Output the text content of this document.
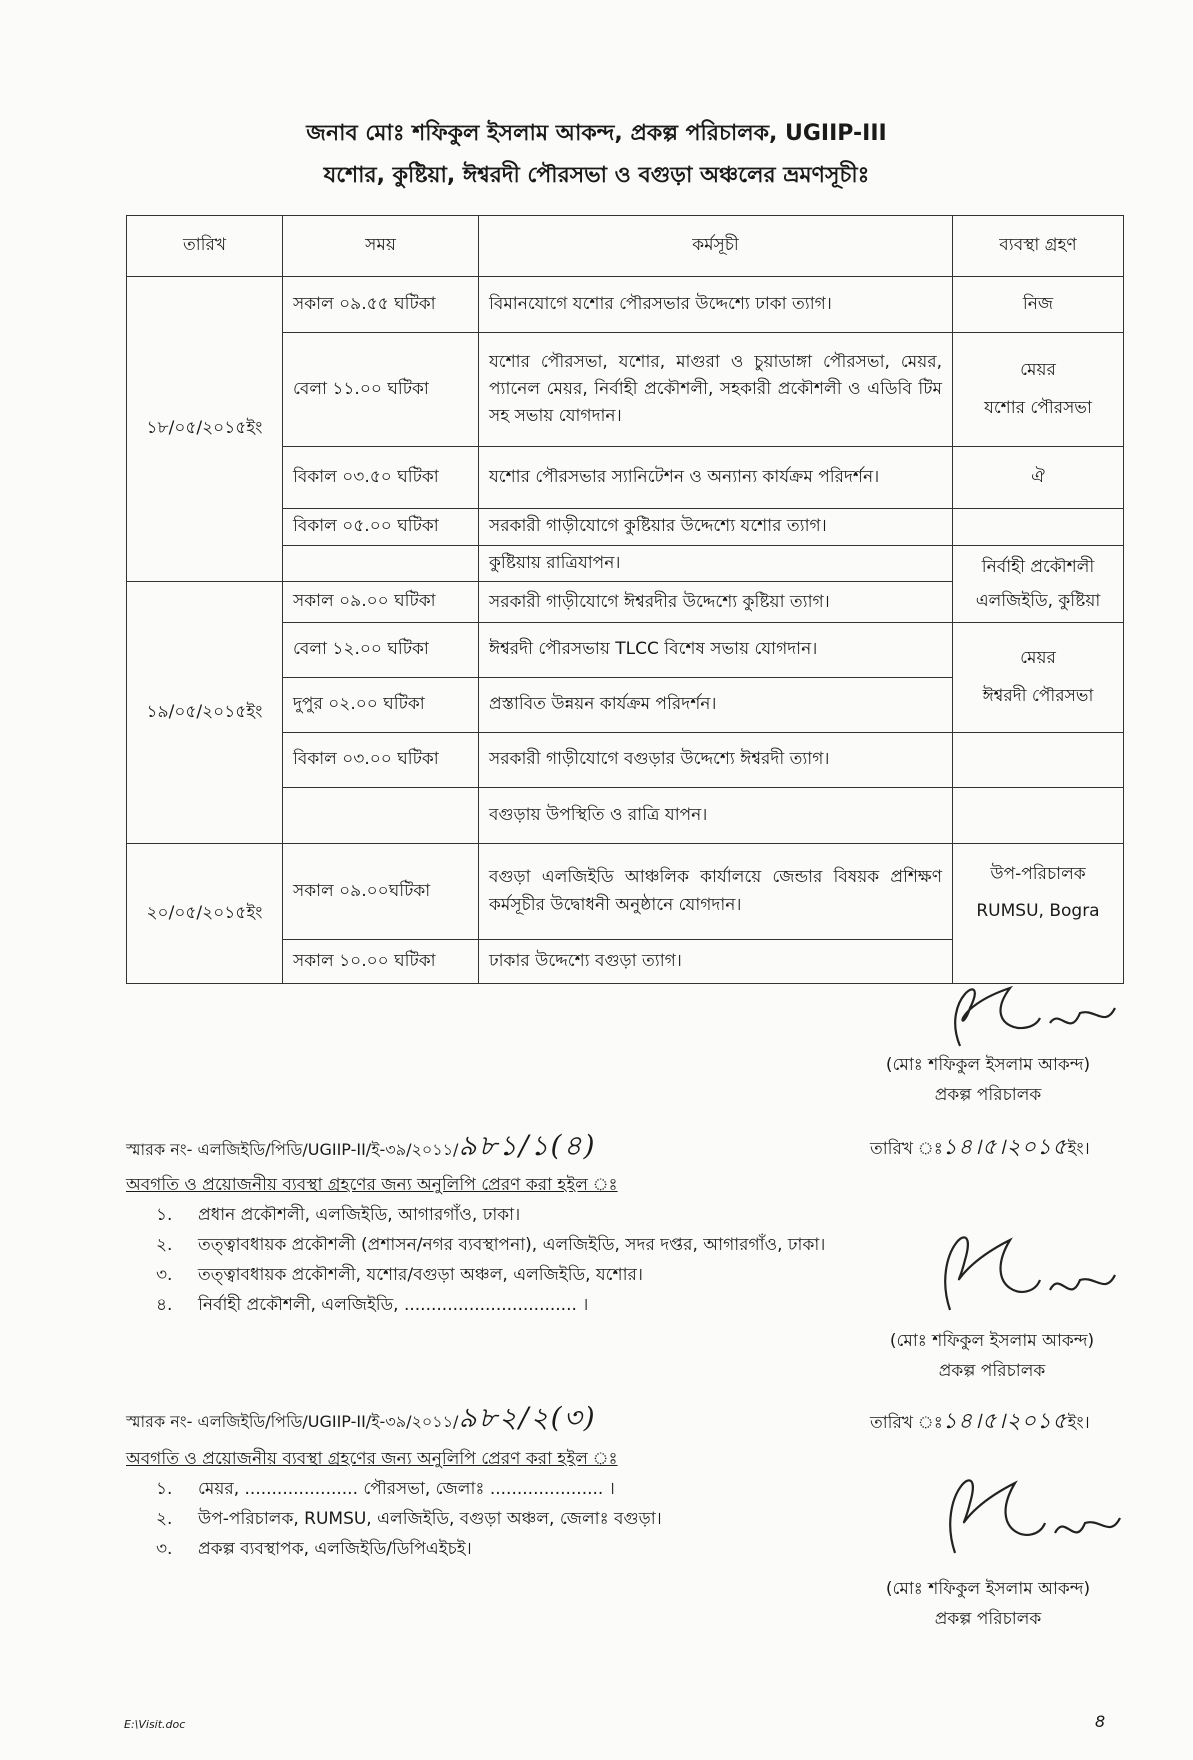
জনাব মোঃ শফিকুল ইসলাম আকন্দ, প্রকল্প পরিচালক, UGIIP-III
যশোর, কুষ্টিয়া, ঈশ্বরদী পৌরসভা ও বগুড়া অঞ্চলের ভ্রমণসূচীঃ
তারিখ	সময়	কর্মসূচী	ব্যবস্থা গ্রহণ
১৮/০৫/২০১৫ইং	সকাল ০৯.৫৫ ঘটিকা	বিমানযোগে যশোর পৌরসভার উদ্দেশ্যে ঢাকা ত্যাগ।	নিজ
	বেলা ১১.০০ ঘটিকা	যশোর পৌরসভা, যশোর, মাগুরা ও চুয়াডাঙ্গা পৌরসভা, মেয়র, প্যানেল মেয়র, নির্বাহী প্রকৌশলী, সহকারী প্রকৌশলী ও এডিবি টিম সহ সভায় যোগদান।	মেয়র
যশোর পৌরসভা
	বিকাল ০৩.৫০ ঘটিকা	যশোর পৌরসভার স্যানিটেশন ও অন্যান্য কার্যক্রম পরিদর্শন।	ঐ
	বিকাল ০৫.০০ ঘটিকা	সরকারী গাড়ীযোগে কুষ্টিয়ার উদ্দেশ্যে যশোর ত্যাগ।	
		কুষ্টিয়ায় রাত্রিযাপন।	নির্বাহী প্রকৌশলী
এলজিইডি, কুষ্টিয়া
১৯/০৫/২০১৫ইং	সকাল ০৯.০০ ঘটিকা	সরকারী গাড়ীযোগে ঈশ্বরদীর উদ্দেশ্যে কুষ্টিয়া ত্যাগ।	
	বেলা ১২.০০ ঘটিকা	ঈশ্বরদী পৌরসভায় TLCC বিশেষ সভায় যোগদান।	মেয়র
ঈশ্বরদী পৌরসভা
	দুপুর ০২.০০ ঘটিকা	প্রস্তাবিত উন্নয়ন কার্যক্রম পরিদর্শন।	
	বিকাল ০৩.০০ ঘটিকা	সরকারী গাড়ীযোগে বগুড়ার উদ্দেশ্যে ঈশ্বরদী ত্যাগ।	
		বগুড়ায় উপস্থিতি ও রাত্রি যাপন।	
২০/০৫/২০১৫ইং	সকাল ০৯.০০ঘটিকা	বগুড়া এলজিইডি আঞ্চলিক কার্যালয়ে জেন্ডার বিষয়ক প্রশিক্ষণ কর্মসূচীর উদ্বোধনী অনুষ্ঠানে যোগদান।	উপ-পরিচালক
RUMSU, Bogra
	সকাল ১০.০০ ঘটিকা	ঢাকার উদ্দেশ্যে বগুড়া ত্যাগ।	
(মোঃ শফিকুল ইসলাম আকন্দ)
প্রকল্প পরিচালক
স্মারক নং- এলজিইডি/পিডি/UGIIP-II/ই-৩৯/২০১১/৯৮১/১(৪)	তারিখ ঃ১৪।৫।২০১৫ইং।
অবগতি ও প্রয়োজনীয় ব্যবস্থা গ্রহণের জন্য অনুলিপি প্রেরণ করা হইল ঃ
১. প্রধান প্রকৌশলী, এলজিইডি, আগারগাঁও, ঢাকা।
২. তত্ত্বাবধায়ক প্রকৌশলী (প্রশাসন/নগর ব্যবস্থাপনা), এলজিইডি, সদর দপ্তর, আগারগাঁও, ঢাকা।
৩. তত্ত্বাবধায়ক প্রকৌশলী, যশোর/বগুড়া অঞ্চল, এলজিইডি, যশোর।
৪. নির্বাহী প্রকৌশলী, এলজিইডি, ................................ ।
(মোঃ শফিকুল ইসলাম আকন্দ)
প্রকল্প পরিচালক
স্মারক নং- এলজিইডি/পিডি/UGIIP-II/ই-৩৯/২০১১/৯৮২/২(৩)	তারিখ ঃ১৪।৫।২০১৫ইং।
অবগতি ও প্রয়োজনীয় ব্যবস্থা গ্রহণের জন্য অনুলিপি প্রেরণ করা হইল ঃ
১. মেয়র, ..................... পৌরসভা, জেলাঃ ..................... ।
২. উপ-পরিচালক, RUMSU, এলজিইডি, বগুড়া অঞ্চল, জেলাঃ বগুড়া।
৩. প্রকল্প ব্যবস্থাপক, এলজিইডি/ডিপিএইচই।
(মোঃ শফিকুল ইসলাম আকন্দ)
প্রকল্প পরিচালক
E:\Visit.doc	8
